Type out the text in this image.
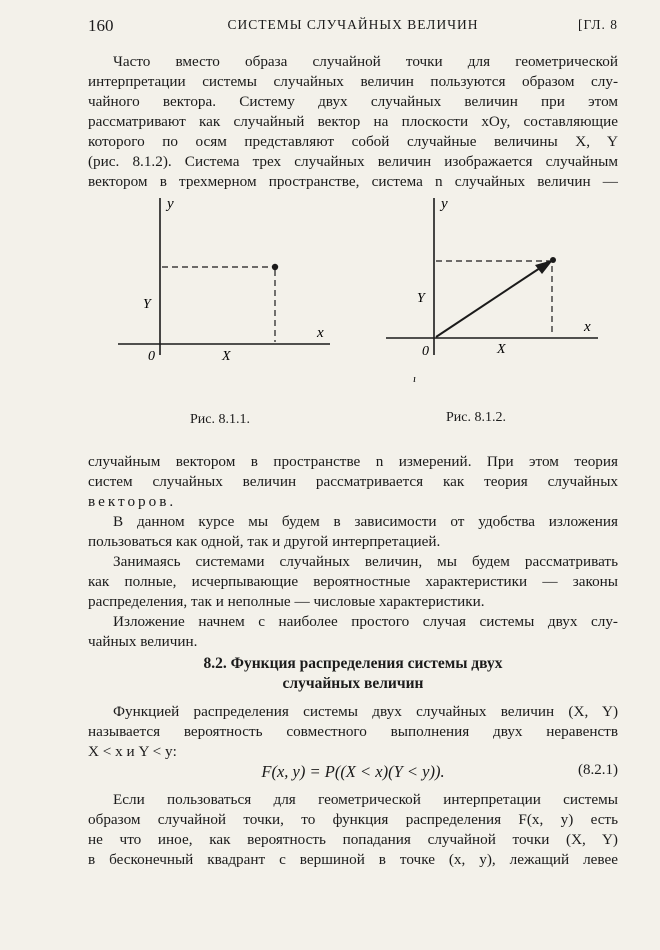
160	СИСТЕМЫ СЛУЧАЙНЫХ ВЕЛИЧИН	[ГЛ. 8
Часто вместо образа случайной точки для геометрической
интерпретации системы случайных величин пользуются образом слу-
чайного вектора. Систему двух случайных величин при этом
рассматривают как случайный вектор на плоскости xOy, составляющие
которого по осям представляют собой случайные величины X, Y
(рис. 8.1.2). Система трех случайных величин изображается случайным
вектором в трехмерном пространстве, система n случайных величин —
y
x
0	X
Y
Рис. 8.1.1.
y
x
0	X
Y
ı
Рис. 8.1.2.
случайным вектором в пространстве n измерений. При этом теория
систем случайных величин рассматривается как теория случайных
векторов.
В данном курсе мы будем в зависимости от удобства изложения
пользоваться как одной, так и другой интерпретацией.
Занимаясь системами случайных величин, мы будем рассматривать
как полные, исчерпывающие вероятностные характеристики — законы
распределения, так и неполные — числовые характеристики.
Изложение начнем с наиболее простого случая системы двух слу-
чайных величин.
8.2. Функция распределения системы двух
случайных величин
Функцией распределения системы двух случайных величин (X, Y)
называется вероятность совместного выполнения двух неравенств
X < x и Y < y:
F(x, y) = P((X < x)(Y < y)).	(8.2.1)
Если пользоваться для геометрической интерпретации системы
образом случайной точки, то функция распределения F(x, y) есть
не что иное, как вероятность попадания случайной точки (X, Y)
в бесконечный квадрант с вершиной в точке (x, y), лежащий левее
